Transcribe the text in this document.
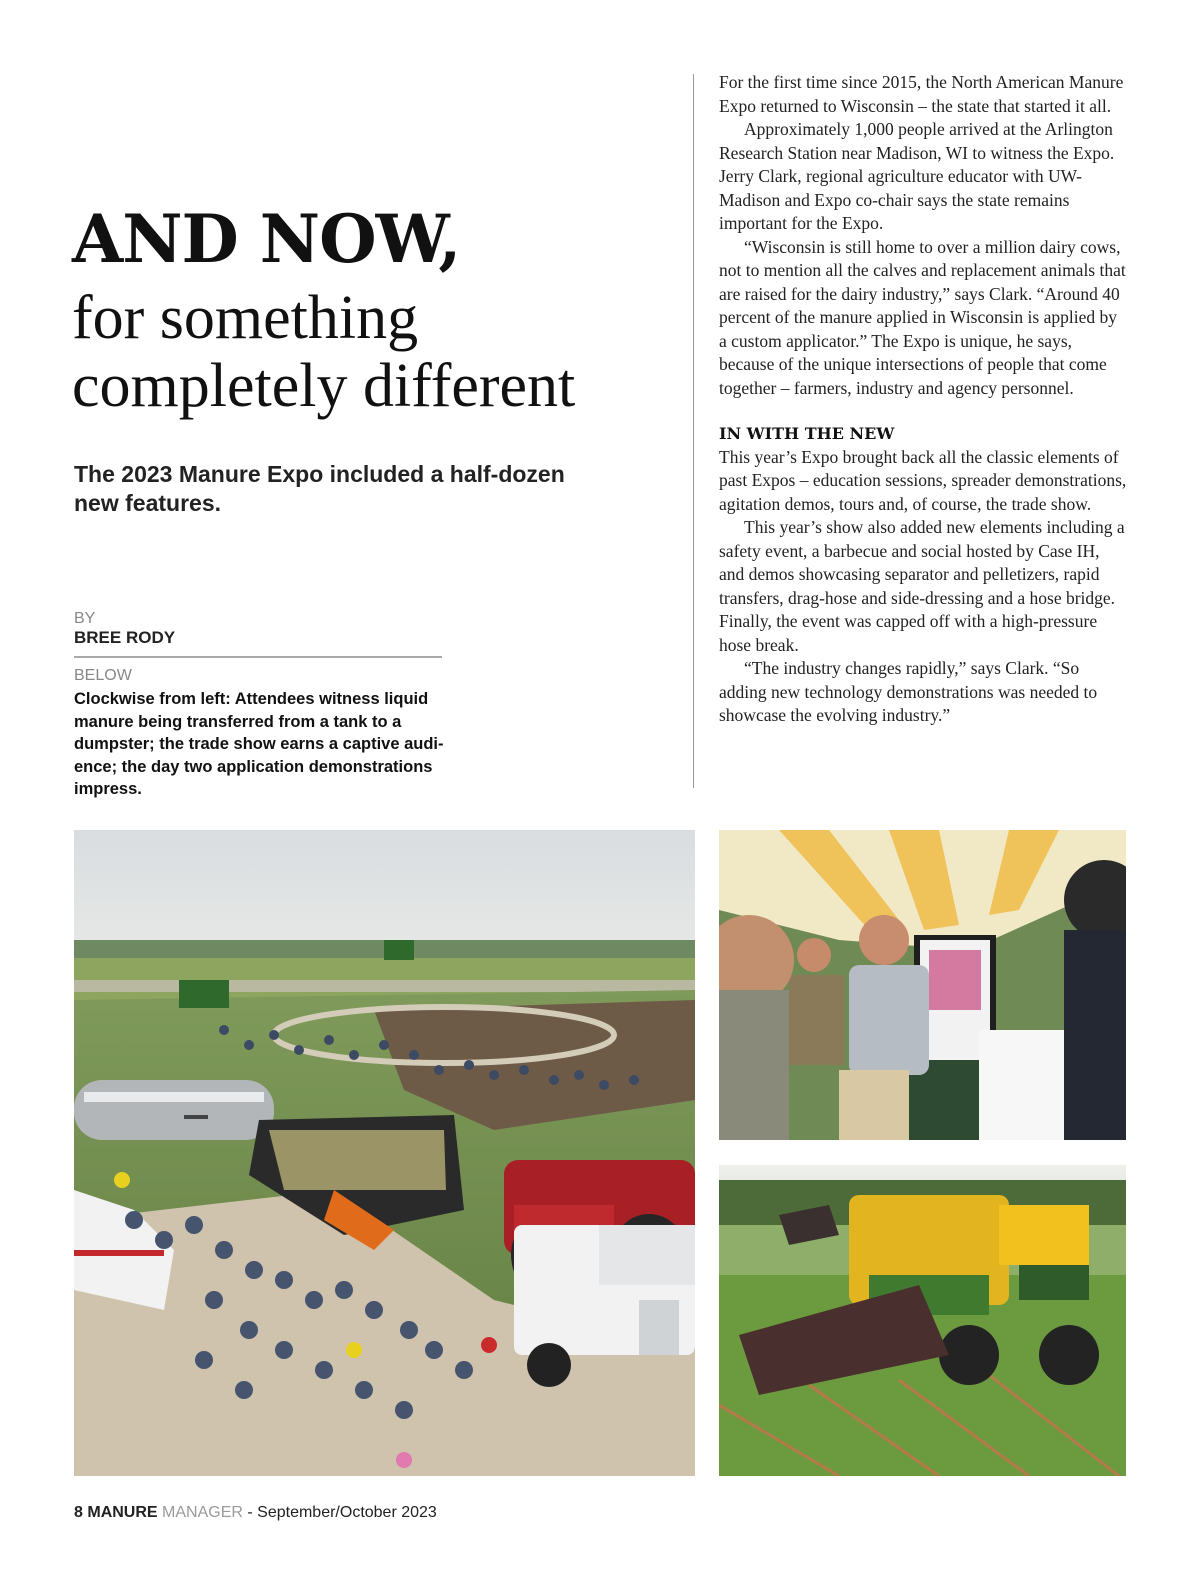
AND NOW,
for something
completely different
The 2023 Manure Expo included a half-dozen new features.
BY
BREE RODY
BELOW
Clockwise from left: Attendees witness liquid manure being transferred from a tank to a dumpster; the trade show earns a captive audi-ence; the day two application demonstrations impress.

For the first time since 2015, the North American Manure Expo returned to Wisconsin – the state that started it all.

Approximately 1,000 people arrived at the Arlington Research Station near Madison, WI to witness the Expo. Jerry Clark, regional agriculture educator with UW-Madison and Expo co-chair says the state remains important for the Expo.

“Wisconsin is still home to over a million dairy cows, not to mention all the calves and replacement animals that are raised for the dairy industry,” says Clark. “Around 40 percent of the manure applied in Wisconsin is applied by a custom applicator.” The Expo is unique, he says, because of the unique intersections of people that come together – farmers, industry and agency personnel.

IN WITH THE NEW

This year’s Expo brought back all the classic elements of past Expos – education sessions, spreader demonstrations, agitation demos, tours and, of course, the trade show.

This year’s show also added new elements including a safety event, a barbecue and social hosted by Case IH, and demos showcasing separator and pelletizers, rapid transfers, drag-hose and side-dressing and a hose bridge. Finally, the event was capped off with a high-pressure hose break.

“The industry changes rapidly,” says Clark. “So adding new technology demonstrations was needed to showcase the evolving industry.”

8 MANURE MANAGER - September/October 2023
